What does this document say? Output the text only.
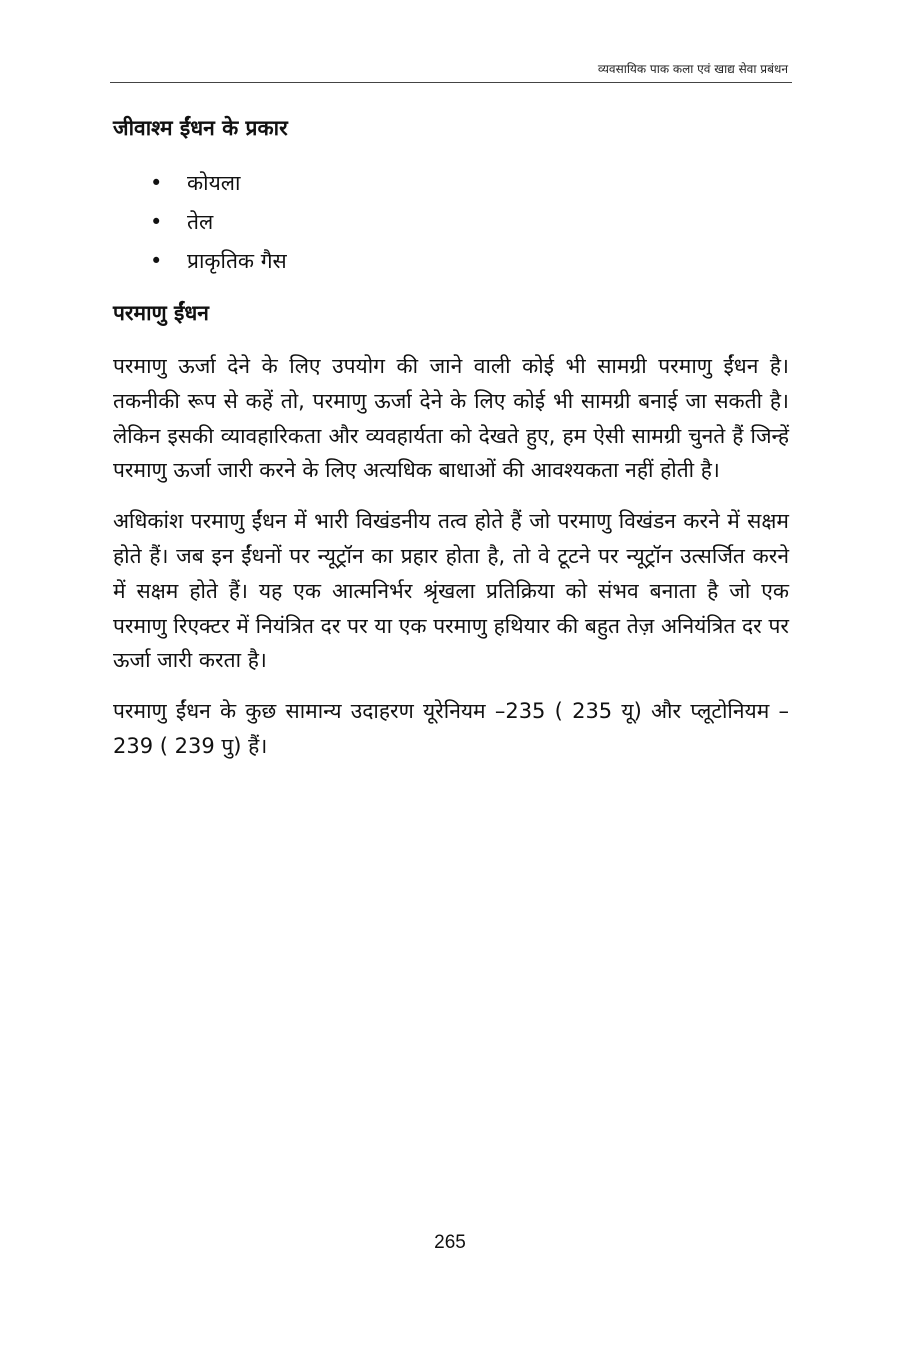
व्यवसायिक पाक कला एवं खाद्य सेवा प्रबंधन
जीवाश्म ईंधन के प्रकार
• कोयला
• तेल
• प्राकृतिक गैस
परमाणु ईंधन

परमाणु ऊर्जा देने के लिए उपयोग की जाने वाली कोई भी सामग्री परमाणु ईंधन है। तकनीकी रूप से कहें तो, परमाणु ऊर्जा देने के लिए कोई भी सामग्री बनाई जा सकती है। लेकिन इसकी व्यावहारिकता और व्यवहार्यता को देखते हुए, हम ऐसी सामग्री चुनते हैं जिन्हें परमाणु ऊर्जा जारी करने के लिए अत्यधिक बाधाओं की आवश्यकता नहीं होती है।

अधिकांश परमाणु ईंधन में भारी विखंडनीय तत्व होते हैं जो परमाणु विखंडन करने में सक्षम होते हैं। जब इन ईंधनों पर न्यूट्रॉन का प्रहार होता है, तो वे टूटने पर न्यूट्रॉन उत्सर्जित करने में सक्षम होते हैं। यह एक आत्मनिर्भर श्रृंखला प्रतिक्रिया को संभव बनाता है जो एक परमाणु रिएक्टर में नियंत्रित दर पर या एक परमाणु हथियार की बहुत तेज़ अनियंत्रित दर पर ऊर्जा जारी करता है।

परमाणु ईंधन के कुछ सामान्य उदाहरण यूरेनियम –235 ( 235 यू) और प्लूटोनियम –239 ( 239 पु) हैं।

265
